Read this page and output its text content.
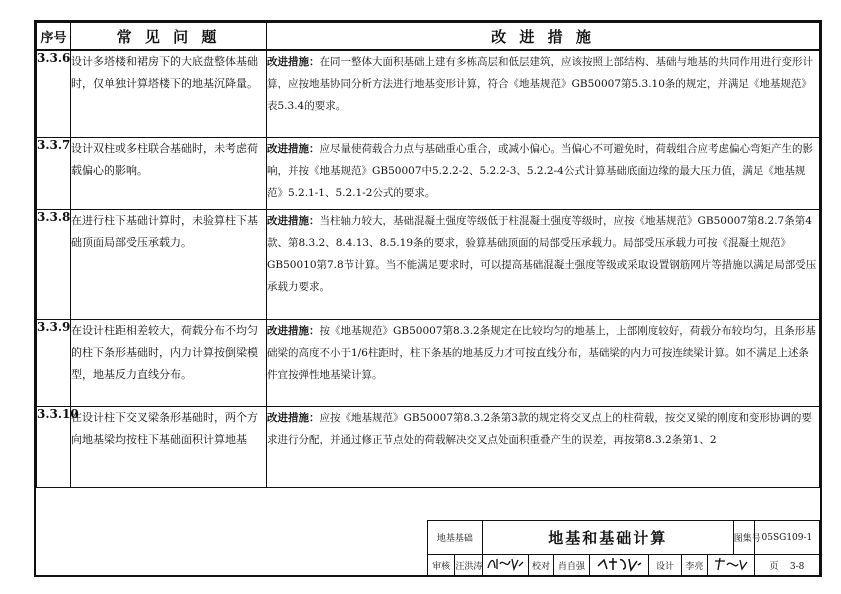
序号	常 见 问 题	改 进 措 施
3.3.6	设计多塔楼和裙房下的大底盘整体基础时，仅单独计算塔楼下的地基沉降量。	改进措施：在同一整体大面积基础上建有多栋高层和低层建筑，应该按照上部结构、基础与地基的共同作用进行变形计算，应按地基协同分析方法进行地基变形计算，符合《地基规范》GB50007第5.3.10条的规定，并满足《地基规范》表5.3.4的要求。
3.3.7	设计双柱或多柱联合基础时，未考虑荷载偏心的影响。	改进措施：应尽量使荷载合力点与基础重心重合，或减小偏心。当偏心不可避免时，荷载组合应考虑偏心弯矩产生的影响，并按《地基规范》GB50007中5.2.2-2、5.2.2-3、5.2.2-4公式计算基础底面边缘的最大压力值，满足《地基规范》5.2.1-1、5.2.1-2公式的要求。
3.3.8	在进行柱下基础计算时，未验算柱下基础顶面局部受压承载力。	改进措施：当柱轴力较大，基础混凝土强度等级低于柱混凝土强度等级时，应按《地基规范》GB50007第8.2.7条第4款、第8.3.2、8.4.13、8.5.19条的要求，验算基础顶面的局部受压承载力。局部受压承载力可按《混凝土规范》GB50010第7.8节计算。当不能满足要求时，可以提高基础混凝土强度等级或采取设置钢筋网片等措施以满足局部受压承载力要求。
3.3.9	在设计柱距相差较大，荷载分布不均匀的柱下条形基础时，内力计算按倒梁模型，地基反力直线分布。	改进措施：按《地基规范》GB50007第8.3.2条规定在比较均匀的地基上，上部刚度较好，荷载分布较均匀，且条形基础梁的高度不小于1/6柱距时，柱下条基的地基反力才可按直线分布，基础梁的内力可按连续梁计算。如不满足上述条件宜按弹性地基梁计算。
3.3.10	在设计柱下交叉梁条形基础时，两个方向地基梁均按柱下基础面积计算地基	改进措施：应按《地基规范》GB50007第8.3.2条第3款的规定将交叉点上的柱荷载，按交叉梁的刚度和变形协调的要求进行分配，并通过修正节点处的荷载解决交叉点处面积重叠产生的误差，再按第8.3.2条第1、2
地基基础		地基和基础计算							图集号	05SG109-1
审核	汪洪涛		校对	肖自强		设计	李亮			页 3-8
